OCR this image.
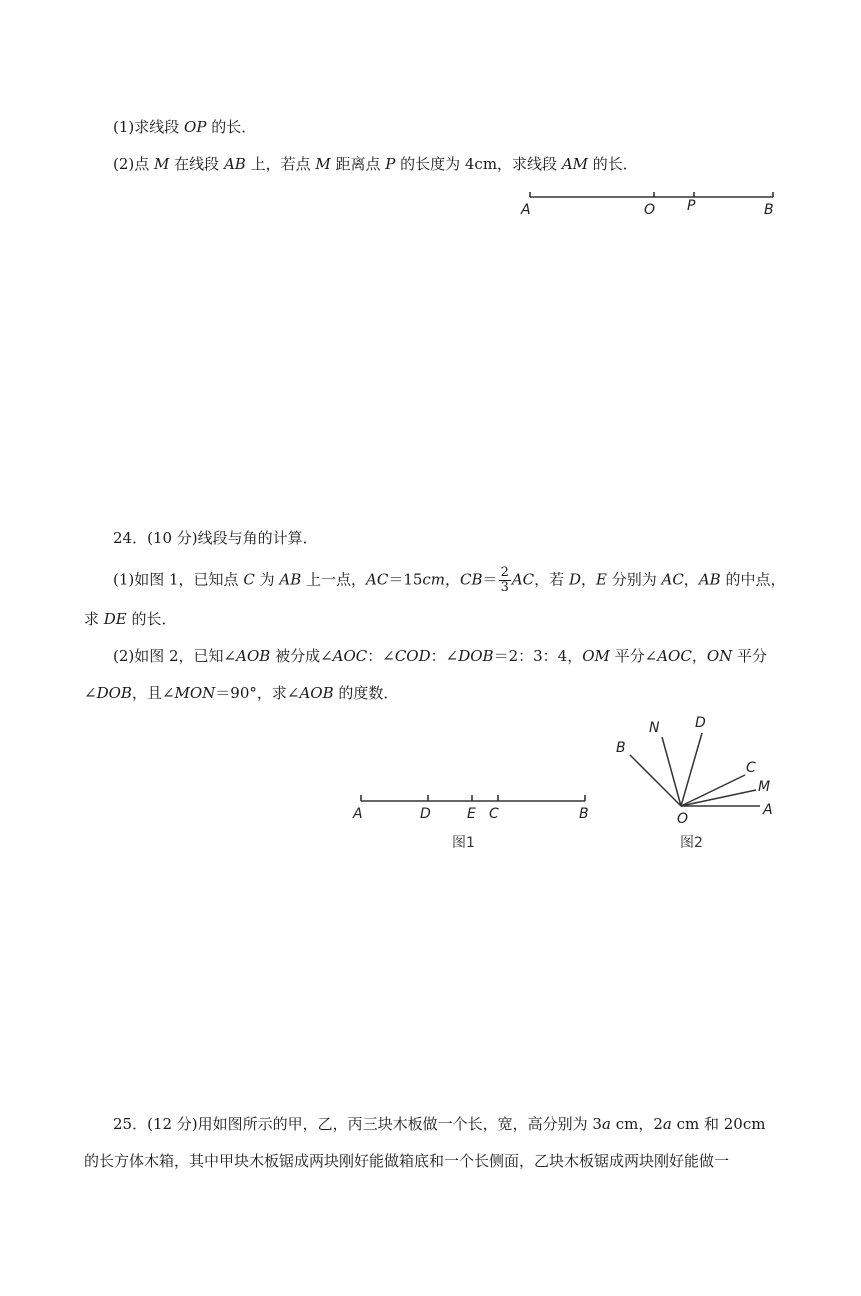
(1)求线段 OP 的长．
(2)点 M 在线段 AB 上，若点 M 距离点 P 的长度为 4cm，求线段 AM 的长．
A	O P	B
24．(10 分)线段与角的计算．
(1)如图 1，已知点 C 为 AB 上一点，AC＝15cm，$CB= \frac{2}{3}$ AC，若 D，E 分别为 AC，AB 的中点，
求 DE 的长．
(2)如图 2，已知∠AOB 被分成∠AOC：∠COD：∠DOB＝2：3：4，OM 平分∠AOC，ON 平分
∠DOB，且∠MON＝90°，求∠AOB 的度数．
A	D	E C	B
图1
N	D
B
C
M
O
A
图2
25．(12 分)用如图所示的甲，乙，丙三块木板做一个长，宽，高分别为 3a cm，2a cm 和 20cm
的长方体木箱，其中甲块木板锯成两块刚好能做箱底和一个长侧面，乙块木板锯成两块刚好能做一
